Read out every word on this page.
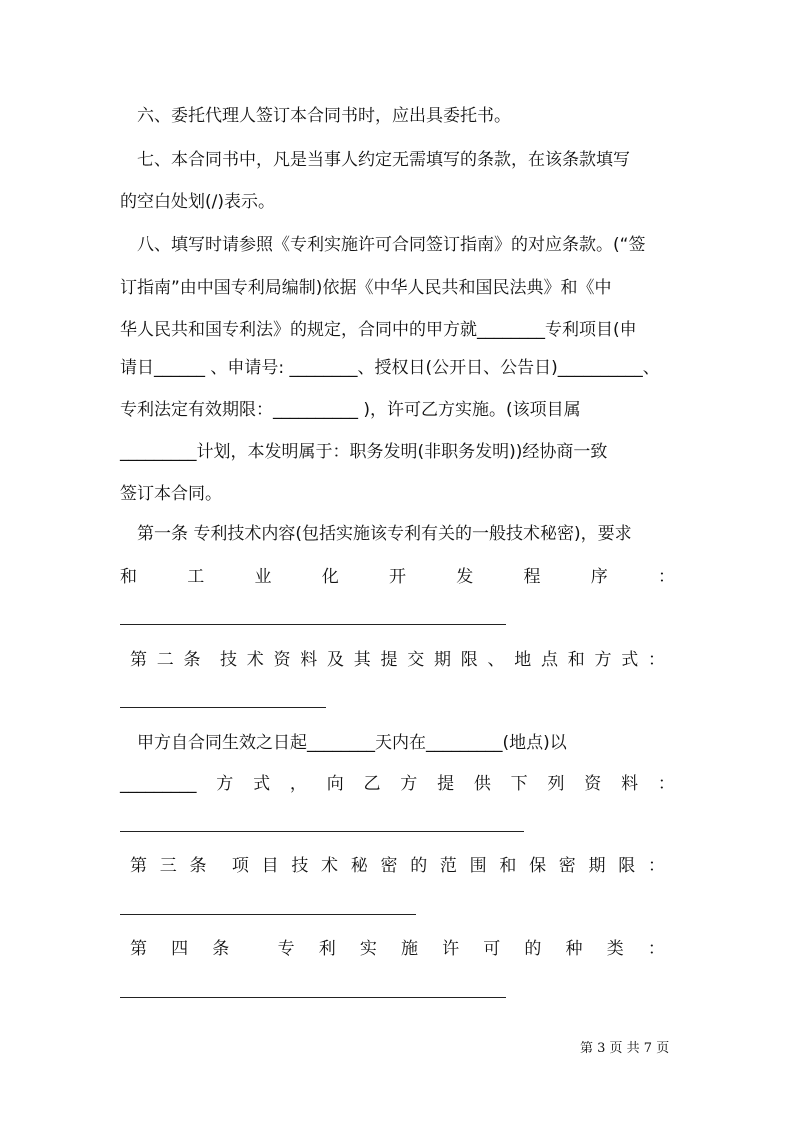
　六、委托代理人签订本合同书时，应出具委托书。
　七、本合同书中，凡是当事人约定无需填写的条款，在该条款填写
的空白处划(/)表示。
　八、填写时请参照《专利实施许可合同签订指南》的对应条款。(“签
订指南”由中国专利局编制)依据《中华人民共和国民法典》和《中
华人民共和国专利法》的规定，合同中的甲方就________专利项目(申
请日______ 、申请号: ________、授权日(公开日、公告日)__________、
专利法定有效期限：__________ )，许可乙方实施。(该项目属
_________计划，本发明属于：职务发明(非职务发明))经协商一致
签订本合同。
　第一条 专利技术内容(包括实施该专利有关的一般技术秘密)，要求
和	工	业	化	开	发	程	序	：
第 二 条 技 术 资 料 及 其 提 交 期 限 、 地 点 和 方 式 ：
　甲方自合同生效之日起________天内在_________(地点)以
_________ 方 式 ， 向 乙 方 提 供 下 列 资 料 ：
第 三 条 项 目 技 术 秘 密 的 范 围 和 保 密 期 限 ：
第 四 条	专 利 实 施 许 可 的 种 类 ：
第 3 页 共 7 页
